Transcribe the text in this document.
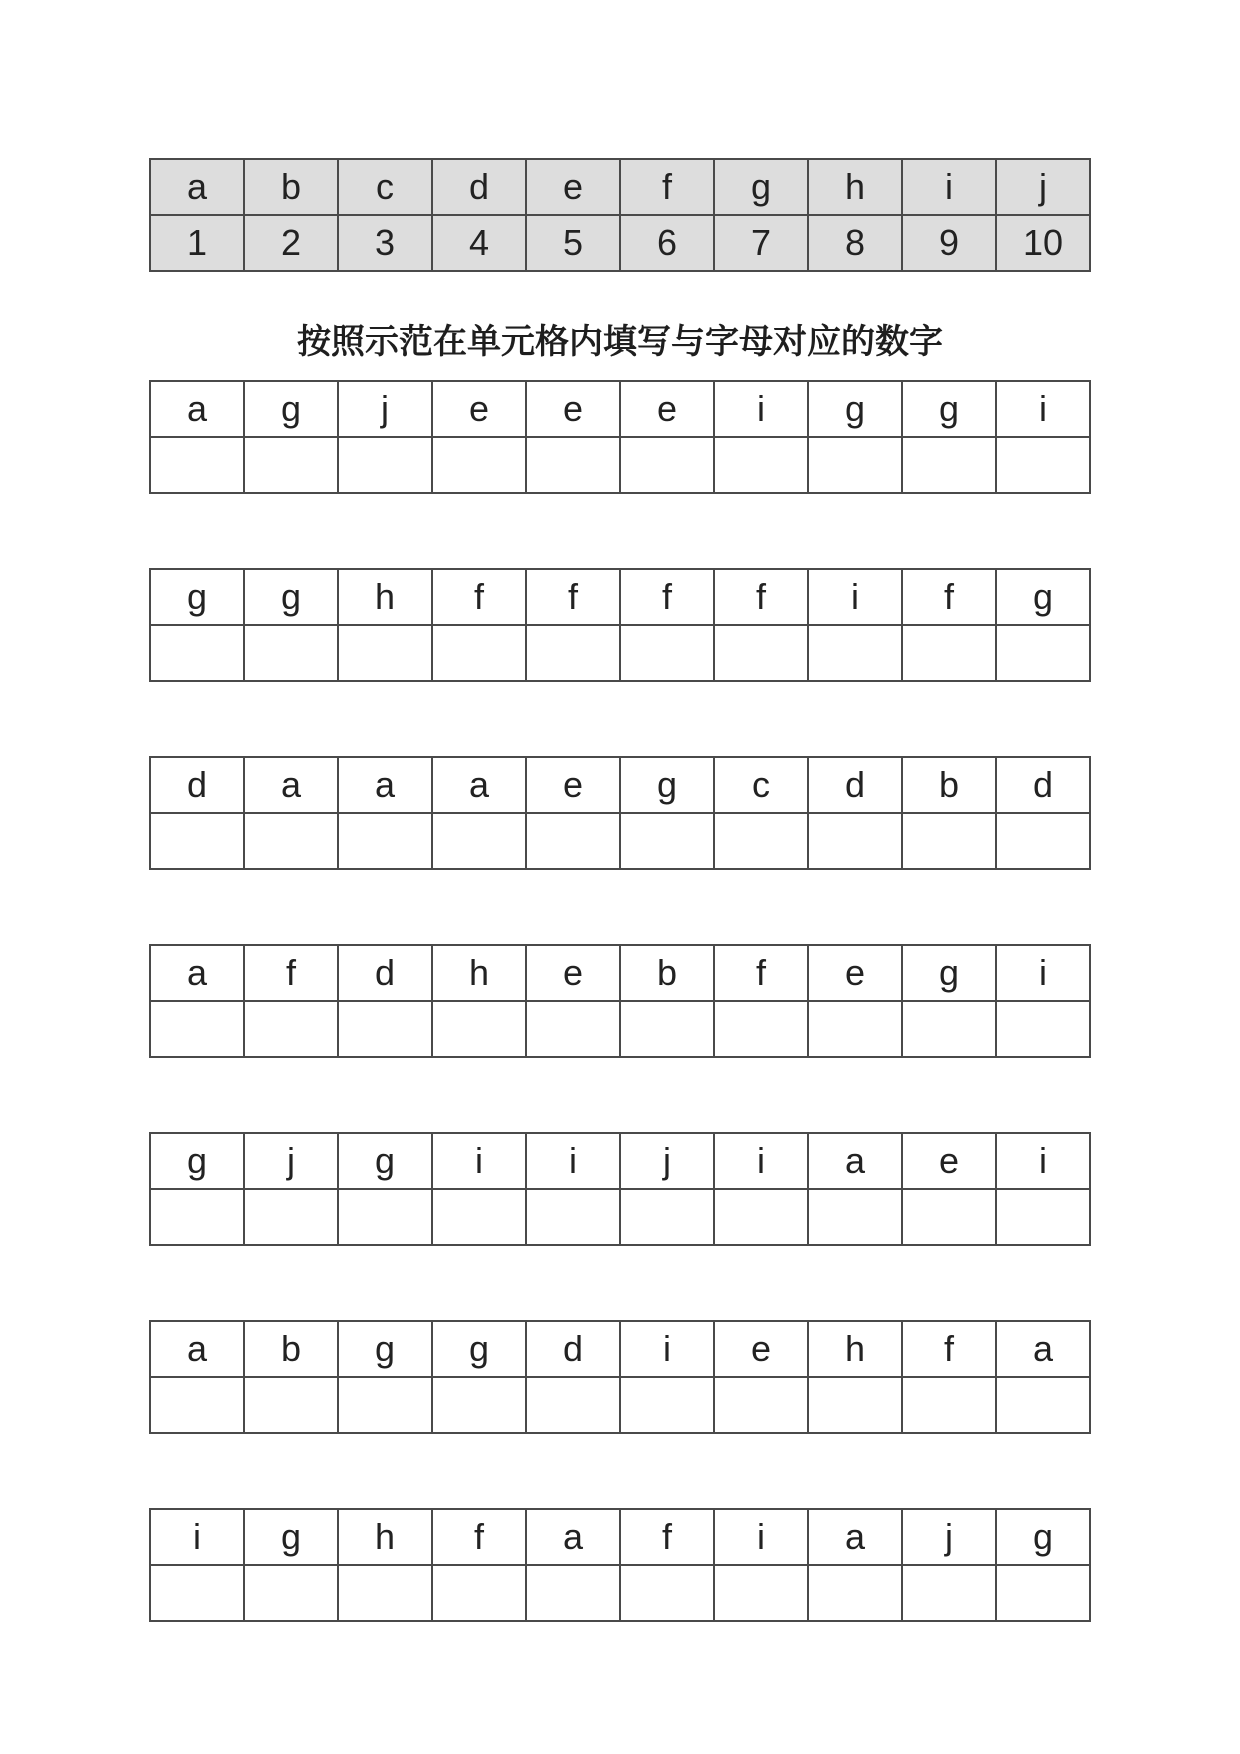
a	b	c	d	e	f	g	h	i	j
1	2	3	4	5	6	7	8	9	10
按照示范在单元格内填写与字母对应的数字
a	g	j	e	e	e	i	g	g	i

g	g	h	f	f	f	f	i	f	g

d	a	a	a	e	g	c	d	b	d

a	f	d	h	e	b	f	e	g	i

g	j	g	i	i	j	i	a	e	i

a	b	g	g	d	i	e	h	f	a

i	g	h	f	a	f	i	a	j	g
